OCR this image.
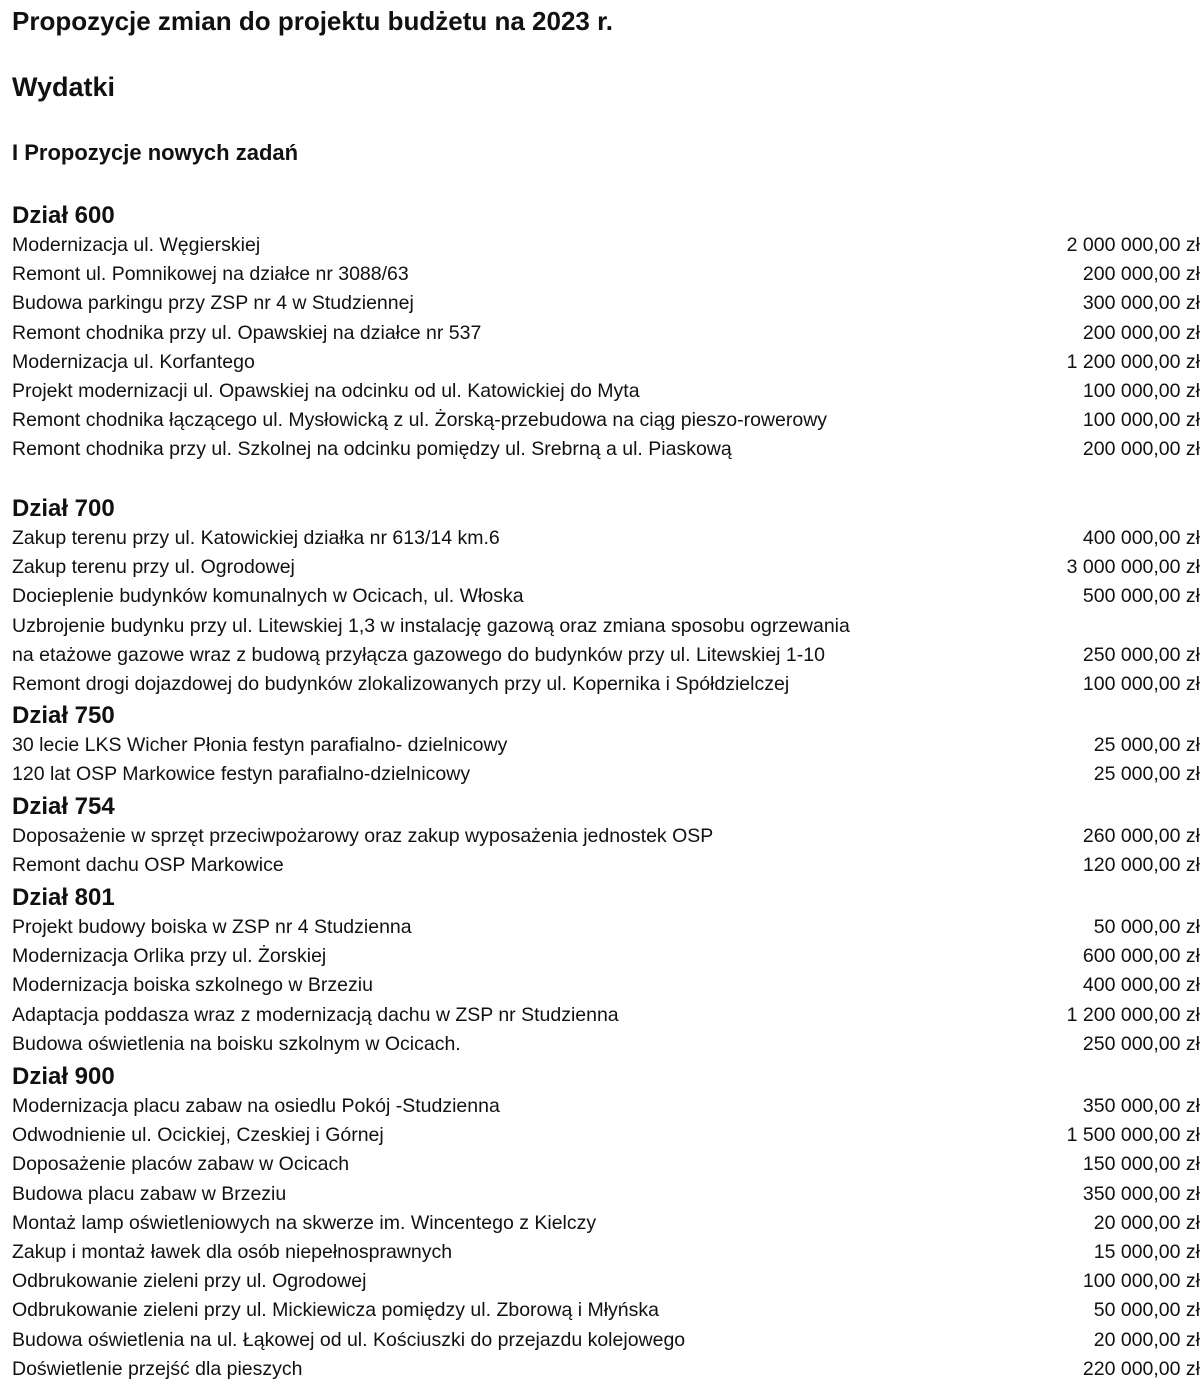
Propozycje zmian do projektu budżetu na 2023 r.
Wydatki
I Propozycje nowych zadań
Dział 600
Modernizacja ul. Węgierskiej	2 000 000,00 zł
Remont ul. Pomnikowej na działce nr 3088/63	200 000,00 zł
Budowa parkingu przy ZSP nr 4 w Studziennej	300 000,00 zł
Remont chodnika przy ul. Opawskiej na działce nr 537	200 000,00 zł
Modernizacja ul. Korfantego	1 200 000,00 zł
Projekt modernizacji ul. Opawskiej na odcinku od ul. Katowickiej do Myta	100 000,00 zł
Remont chodnika łączącego ul. Mysłowicką z ul. Żorską-przebudowa na ciąg pieszo-rowerowy	100 000,00 zł
Remont chodnika przy ul. Szkolnej na odcinku pomiędzy ul. Srebrną a ul. Piaskową	200 000,00 zł
Dział 700
Zakup terenu przy ul. Katowickiej działka nr 613/14 km.6	400 000,00 zł
Zakup terenu przy ul. Ogrodowej	3 000 000,00 zł
Docieplenie budynków komunalnych w Ocicach, ul. Włoska	500 000,00 zł
Uzbrojenie budynku przy ul. Litewskiej 1,3 w instalację gazową oraz zmiana sposobu ogrzewania
na etażowe gazowe wraz z budową przyłącza gazowego do budynków przy ul. Litewskiej 1-10	250 000,00 zł
Remont drogi dojazdowej do budynków zlokalizowanych przy ul. Kopernika i Spółdzielczej	100 000,00 zł
Dział 750
30 lecie LKS Wicher Płonia festyn parafialno- dzielnicowy	25 000,00 zł
120 lat OSP Markowice festyn parafialno-dzielnicowy	25 000,00 zł
Dział 754
Doposażenie w sprzęt przeciwpożarowy oraz zakup wyposażenia jednostek OSP	260 000,00 zł
Remont dachu OSP Markowice	120 000,00 zł
Dział 801
Projekt budowy boiska w ZSP nr 4 Studzienna	50 000,00 zł
Modernizacja Orlika przy ul. Żorskiej	600 000,00 zł
Modernizacja boiska szkolnego w Brzeziu	400 000,00 zł
Adaptacja poddasza wraz z modernizacją dachu w ZSP nr Studzienna	1 200 000,00 zł
Budowa oświetlenia na boisku szkolnym w Ocicach.	250 000,00 zł
Dział 900
Modernizacja placu zabaw na osiedlu Pokój -Studzienna	350 000,00 zł
Odwodnienie ul. Ocickiej, Czeskiej i Górnej	1 500 000,00 zł
Doposażenie placów zabaw w Ocicach	150 000,00 zł
Budowa placu zabaw w Brzeziu	350 000,00 zł
Montaż lamp oświetleniowych na skwerze im. Wincentego z Kielczy	20 000,00 zł
Zakup i montaż ławek dla osób niepełnosprawnych	15 000,00 zł
Odbrukowanie zieleni przy ul. Ogrodowej	100 000,00 zł
Odbrukowanie zieleni przy ul. Mickiewicza pomiędzy ul. Zborową i Młyńska	50 000,00 zł
Budowa oświetlenia na ul. Łąkowej od ul. Kościuszki do przejazdu kolejowego	20 000,00 zł
Doświetlenie przejść dla pieszych	220 000,00 zł
